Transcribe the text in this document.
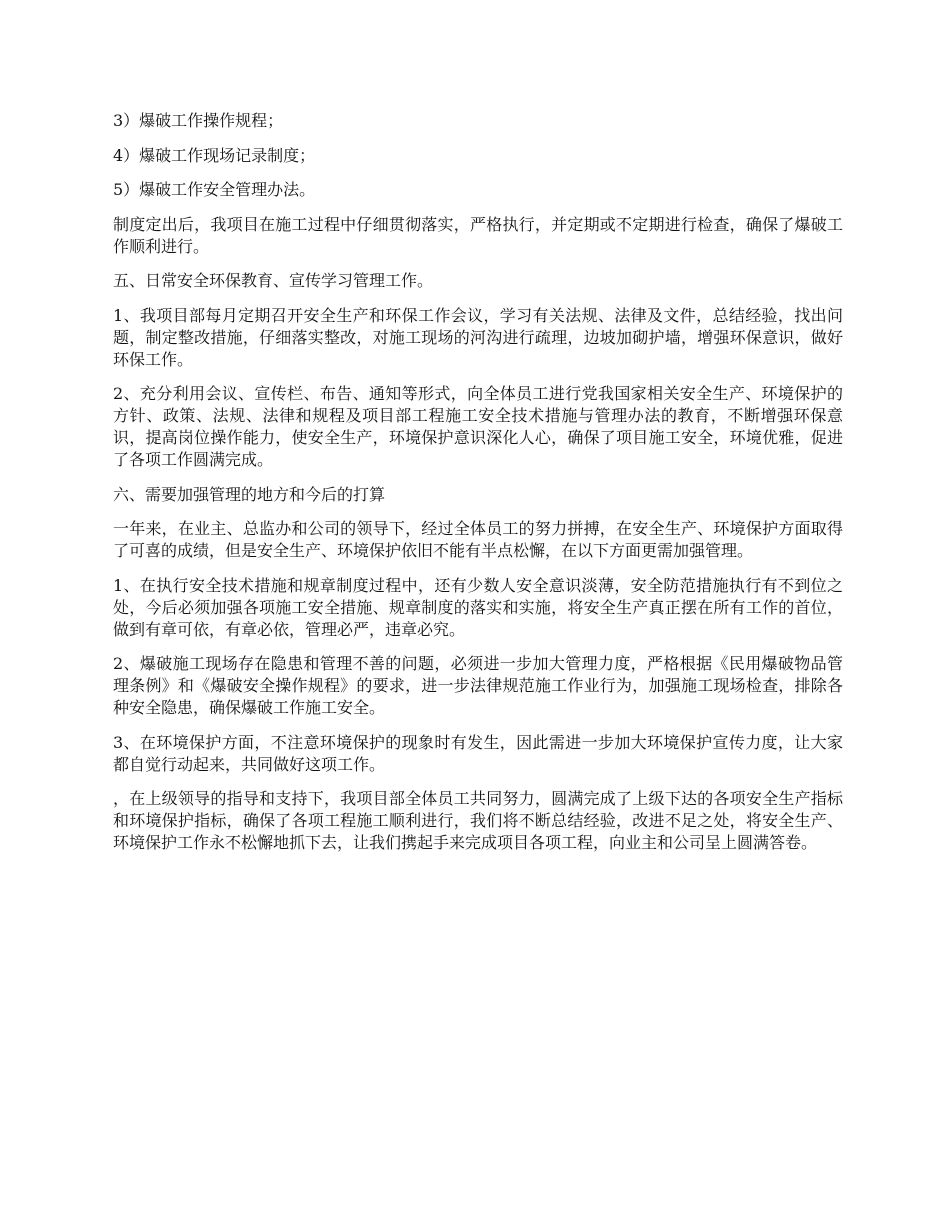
3）爆破工作操作规程；

4）爆破工作现场记录制度；

5）爆破工作安全管理办法。

制度定出后，我项目在施工过程中仔细贯彻落实，严格执行，并定期或不定期进行检查，确保了爆破工作顺利进行。

五、日常安全环保教育、宣传学习管理工作。

1、我项目部每月定期召开安全生产和环保工作会议，学习有关法规、法律及文件，总结经验，找出问题，制定整改措施，仔细落实整改，对施工现场的河沟进行疏理，边坡加砌护墙，增强环保意识，做好环保工作。

2、充分利用会议、宣传栏、布告、通知等形式，向全体员工进行党我国家相关安全生产、环境保护的方针、政策、法规、法律和规程及项目部工程施工安全技术措施与管理办法的教育，不断增强环保意识，提高岗位操作能力，使安全生产，环境保护意识深化人心，确保了项目施工安全，环境优雅，促进了各项工作圆满完成。

六、需要加强管理的地方和今后的打算

一年来，在业主、总监办和公司的领导下，经过全体员工的努力拼搏，在安全生产、环境保护方面取得了可喜的成绩，但是安全生产、环境保护依旧不能有半点松懈，在以下方面更需加强管理。

1、在执行安全技术措施和规章制度过程中，还有少数人安全意识淡薄，安全防范措施执行有不到位之处，今后必须加强各项施工安全措施、规章制度的落实和实施，将安全生产真正摆在所有工作的首位，做到有章可依，有章必依，管理必严，违章必究。

2、爆破施工现场存在隐患和管理不善的问题，必须进一步加大管理力度，严格根据《民用爆破物品管理条例》和《爆破安全操作规程》的要求，进一步法律规范施工作业行为，加强施工现场检查，排除各种安全隐患，确保爆破工作施工安全。

3、在环境保护方面，不注意环境保护的现象时有发生，因此需进一步加大环境保护宣传力度，让大家都自觉行动起来，共同做好这项工作。

，在上级领导的指导和支持下，我项目部全体员工共同努力，圆满完成了上级下达的各项安全生产指标和环境保护指标，确保了各项工程施工顺利进行，我们将不断总结经验，改进不足之处，将安全生产、环境保护工作永不松懈地抓下去，让我们携起手来完成项目各项工程，向业主和公司呈上圆满答卷。
